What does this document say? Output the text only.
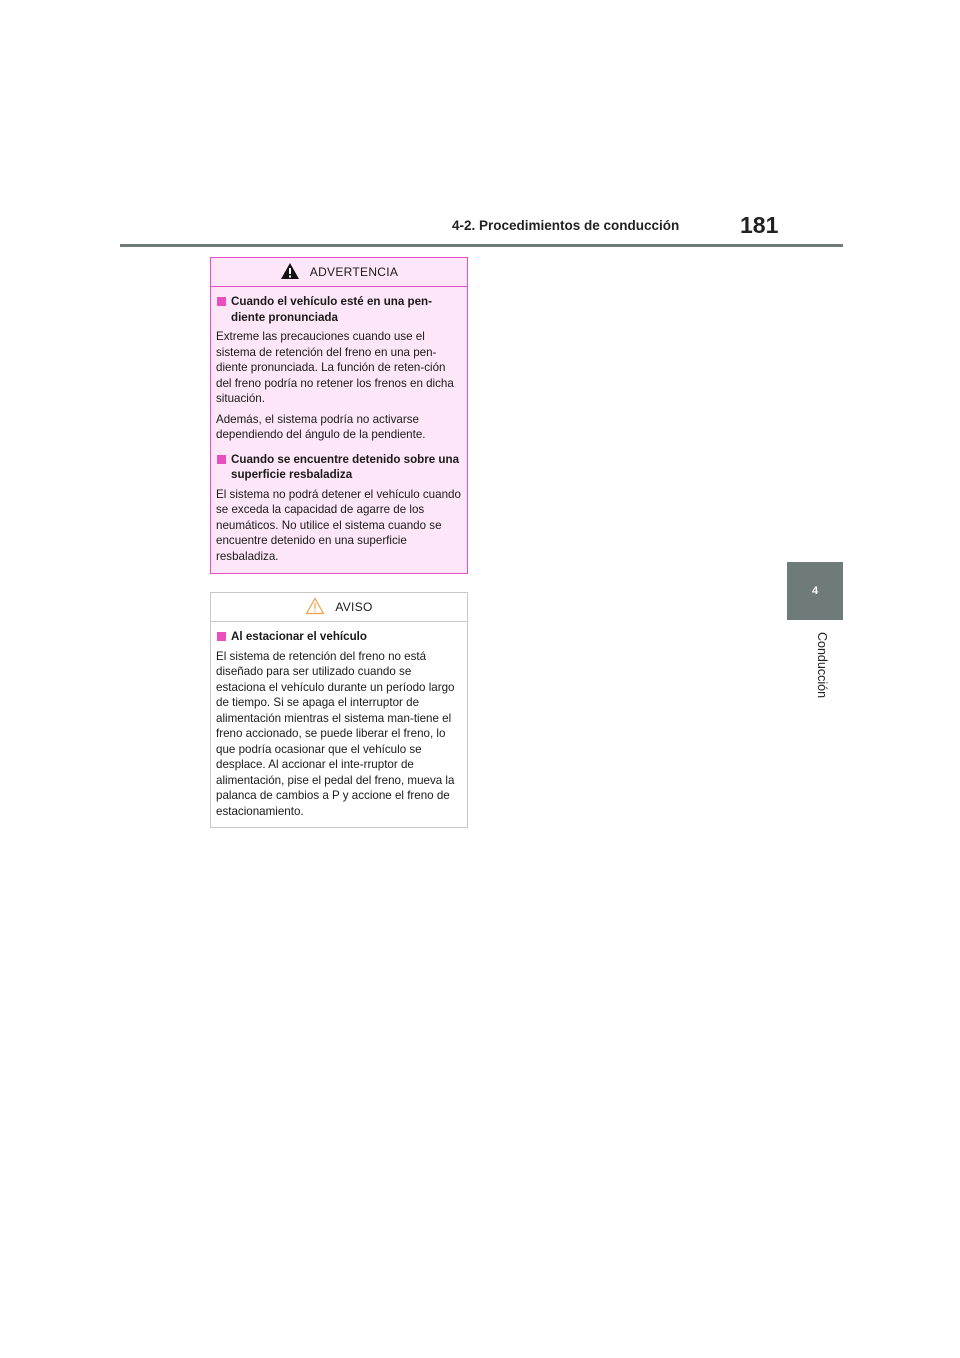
4-2. Procedimientos de conducción	181
4
Conducción
ADVERTENCIA
Cuando el vehículo esté en una pen-diente pronunciada

Extreme las precauciones cuando use el sistema de retención del freno en una pen-diente pronunciada. La función de reten-ción del freno podría no retener los frenos en dicha situación.

Además, el sistema podría no activarse dependiendo del ángulo de la pendiente.

Cuando se encuentre detenido sobre una superficie resbaladiza

El sistema no podrá detener el vehículo cuando se exceda la capacidad de agarre de los neumáticos. No utilice el sistema cuando se encuentre detenido en una superficie resbaladiza.

AVISO
Al estacionar el vehículo

El sistema de retención del freno no está diseñado para ser utilizado cuando se estaciona el vehículo durante un período largo de tiempo. Si se apaga el interruptor de alimentación mientras el sistema man-tiene el freno accionado, se puede liberar el freno, lo que podría ocasionar que el vehículo se desplace. Al accionar el inte-rruptor de alimentación, pise el pedal del freno, mueva la palanca de cambios a P y accione el freno de estacionamiento.
